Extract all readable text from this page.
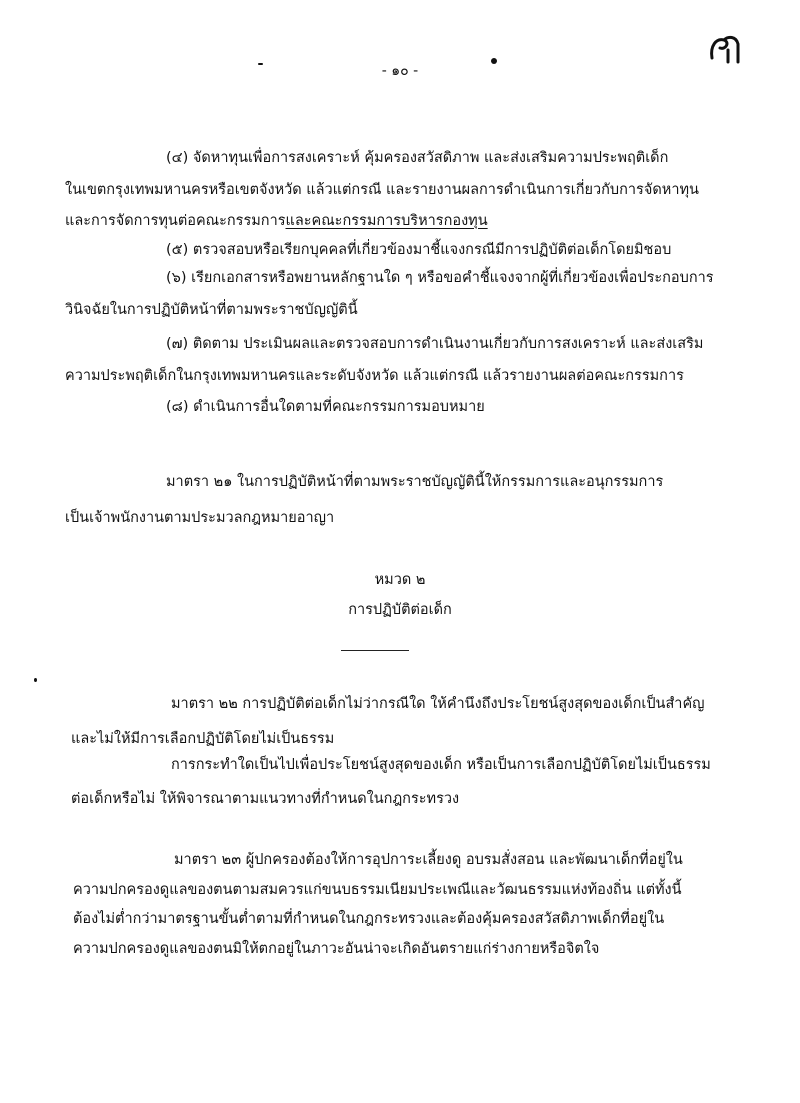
- ๑๐ -
(๔) จัดหาทุนเพื่อการสงเคราะห์ คุ้มครองสวัสดิภาพ และส่งเสริมความประพฤติเด็ก
ในเขตกรุงเทพมหานครหรือเขตจังหวัด แล้วแต่กรณี และรายงานผลการดำเนินการเกี่ยวกับการจัดหาทุน
และการจัดการทุนต่อคณะกรรมการและคณะกรรมการบริหารกองทุน
(๕) ตรวจสอบหรือเรียกบุคคลที่เกี่ยวข้องมาชี้แจงกรณีมีการปฏิบัติต่อเด็กโดยมิชอบ
(๖) เรียกเอกสารหรือพยานหลักฐานใด ๆ หรือขอคำชี้แจงจากผู้ที่เกี่ยวข้องเพื่อประกอบการ
วินิจฉัยในการปฏิบัติหน้าที่ตามพระราชบัญญัตินี้
(๗) ติดตาม ประเมินผลและตรวจสอบการดำเนินงานเกี่ยวกับการสงเคราะห์ และส่งเสริม
ความประพฤติเด็กในกรุงเทพมหานครและระดับจังหวัด แล้วแต่กรณี แล้วรายงานผลต่อคณะกรรมการ
(๘) ดำเนินการอื่นใดตามที่คณะกรรมการมอบหมาย
มาตรา ๒๑ ในการปฏิบัติหน้าที่ตามพระราชบัญญัตินี้ให้กรรมการและอนุกรรมการ
เป็นเจ้าพนักงานตามประมวลกฎหมายอาญา
หมวด ๒
การปฏิบัติต่อเด็ก
มาตรา ๒๒ การปฏิบัติต่อเด็กไม่ว่ากรณีใด ให้คำนึงถึงประโยชน์สูงสุดของเด็กเป็นสำคัญ
และไม่ให้มีการเลือกปฏิบัติโดยไม่เป็นธรรม
การกระทำใดเป็นไปเพื่อประโยชน์สูงสุดของเด็ก หรือเป็นการเลือกปฏิบัติโดยไม่เป็นธรรม
ต่อเด็กหรือไม่ ให้พิจารณาตามแนวทางที่กำหนดในกฎกระทรวง
มาตรา ๒๓ ผู้ปกครองต้องให้การอุปการะเลี้ยงดู อบรมสั่งสอน และพัฒนาเด็กที่อยู่ใน
ความปกครองดูแลของตนตามสมควรแก่ขนบธรรมเนียมประเพณีและวัฒนธรรมแห่งท้องถิ่น แต่ทั้งนี้
ต้องไม่ต่ำกว่ามาตรฐานขั้นต่ำตามที่กำหนดในกฎกระทรวงและต้องคุ้มครองสวัสดิภาพเด็กที่อยู่ใน
ความปกครองดูแลของตนมิให้ตกอยู่ในภาวะอันน่าจะเกิดอันตรายแก่ร่างกายหรือจิตใจ
